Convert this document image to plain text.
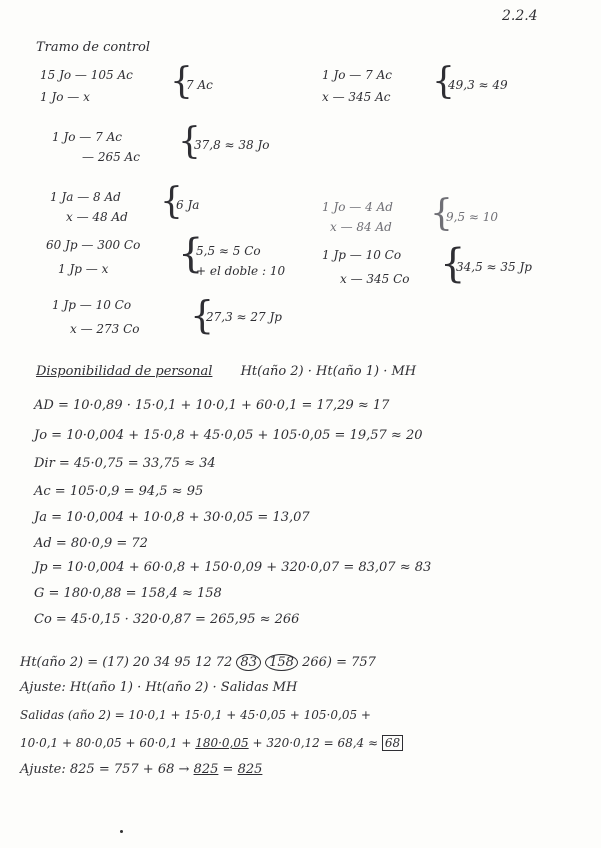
2.2.4
Tramo de control
15 Jo — 105 Ac
1 Jo — x {
7 Ac
1 Jo — 7 Ac
x — 345 Ac {
49,3 ≈ 49
1 Jo — 7 Ac
— 265 Ac {
37,8 ≈ 38 Jo
1 Ja — 8 Ad
x — 48 Ad {
6 Ja	1 Jo — 4 Ad
x — 84 Ad {
9,5 ≈ 10
60 Jp — 300 Co
1 Jp — x {
5,5 ≈ 5 Co
+ el doble : 10
1 Jp — 10 Co
x — 345 Co {
34,5 ≈ 35 Jp
1 Jp — 10 Co
x — 273 Co {
27,3 ≈ 27 Jp
Disponibilidad de personal Ht(año 2) · Ht(año 1) · MH
AD = 10·0,89 · 15·0,1 + 10·0,1 + 60·0,1 = 17,29 ≈ 17
Jo = 10·0,004 + 15·0,8 + 45·0,05 + 105·0,05 = 19,57 ≈ 20
Dir = 45·0,75 = 33,75 ≈ 34
Ac = 105·0,9 = 94,5 ≈ 95
Ja = 10·0,004 + 10·0,8 + 30·0,05 = 13,07
Ad = 80·0,9 = 72
Jp = 10·0,004 + 60·0,8 + 150·0,09 + 320·0,07 = 83,07 ≈ 83
G = 180·0,88 = 158,4 ≈ 158
Co = 45·0,15 · 320·0,87 = 265,95 ≈ 266
Ht(año 2) = (17) 20 34 95 12 72 83 158 266) = 757
Ajuste: Ht(año 1) · Ht(año 2) · Salidas MH
Salidas (año 2) = 10·0,1 + 15·0,1 + 45·0,05 + 105·0,05 +
10·0,1 + 80·0,05 + 60·0,1 + 180·0,05 + 320·0,12 = 68,4 ≈ 68
Ajuste: 825 = 757 + 68 → 825 = 825
